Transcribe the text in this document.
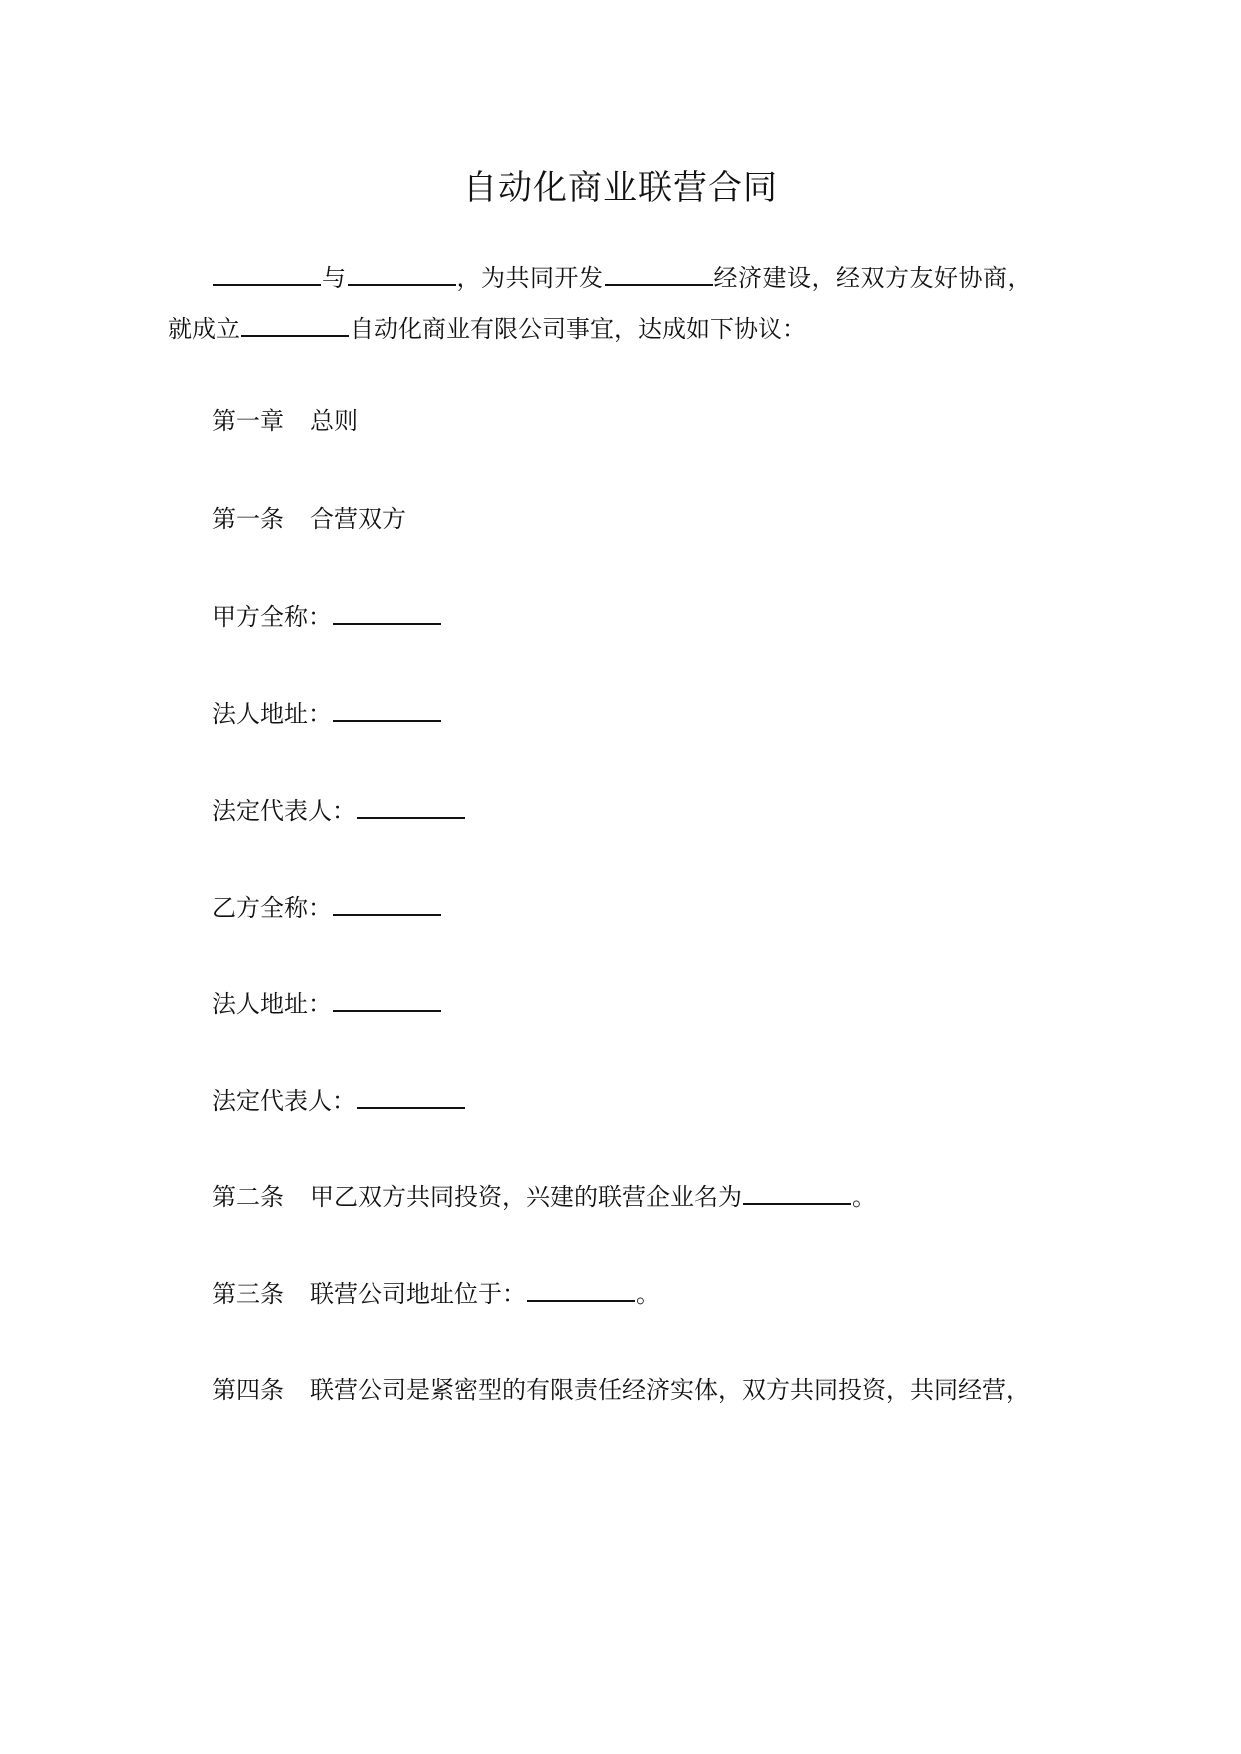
自动化商业联营合同
与	，为共同开发	经济建设，经双方友好协商，
就成立	自动化商业有限公司事宜，达成如下协议：
第一章 总则
第一条 合营双方
甲方全称：
法人地址：
法定代表人：
乙方全称：
法人地址：
法定代表人：
第二条 甲乙双方共同投资，兴建的联营企业名为	。
第三条 联营公司地址位于：	。
第四条 联营公司是紧密型的有限责任经济实体，双方共同投资，共同经营，
